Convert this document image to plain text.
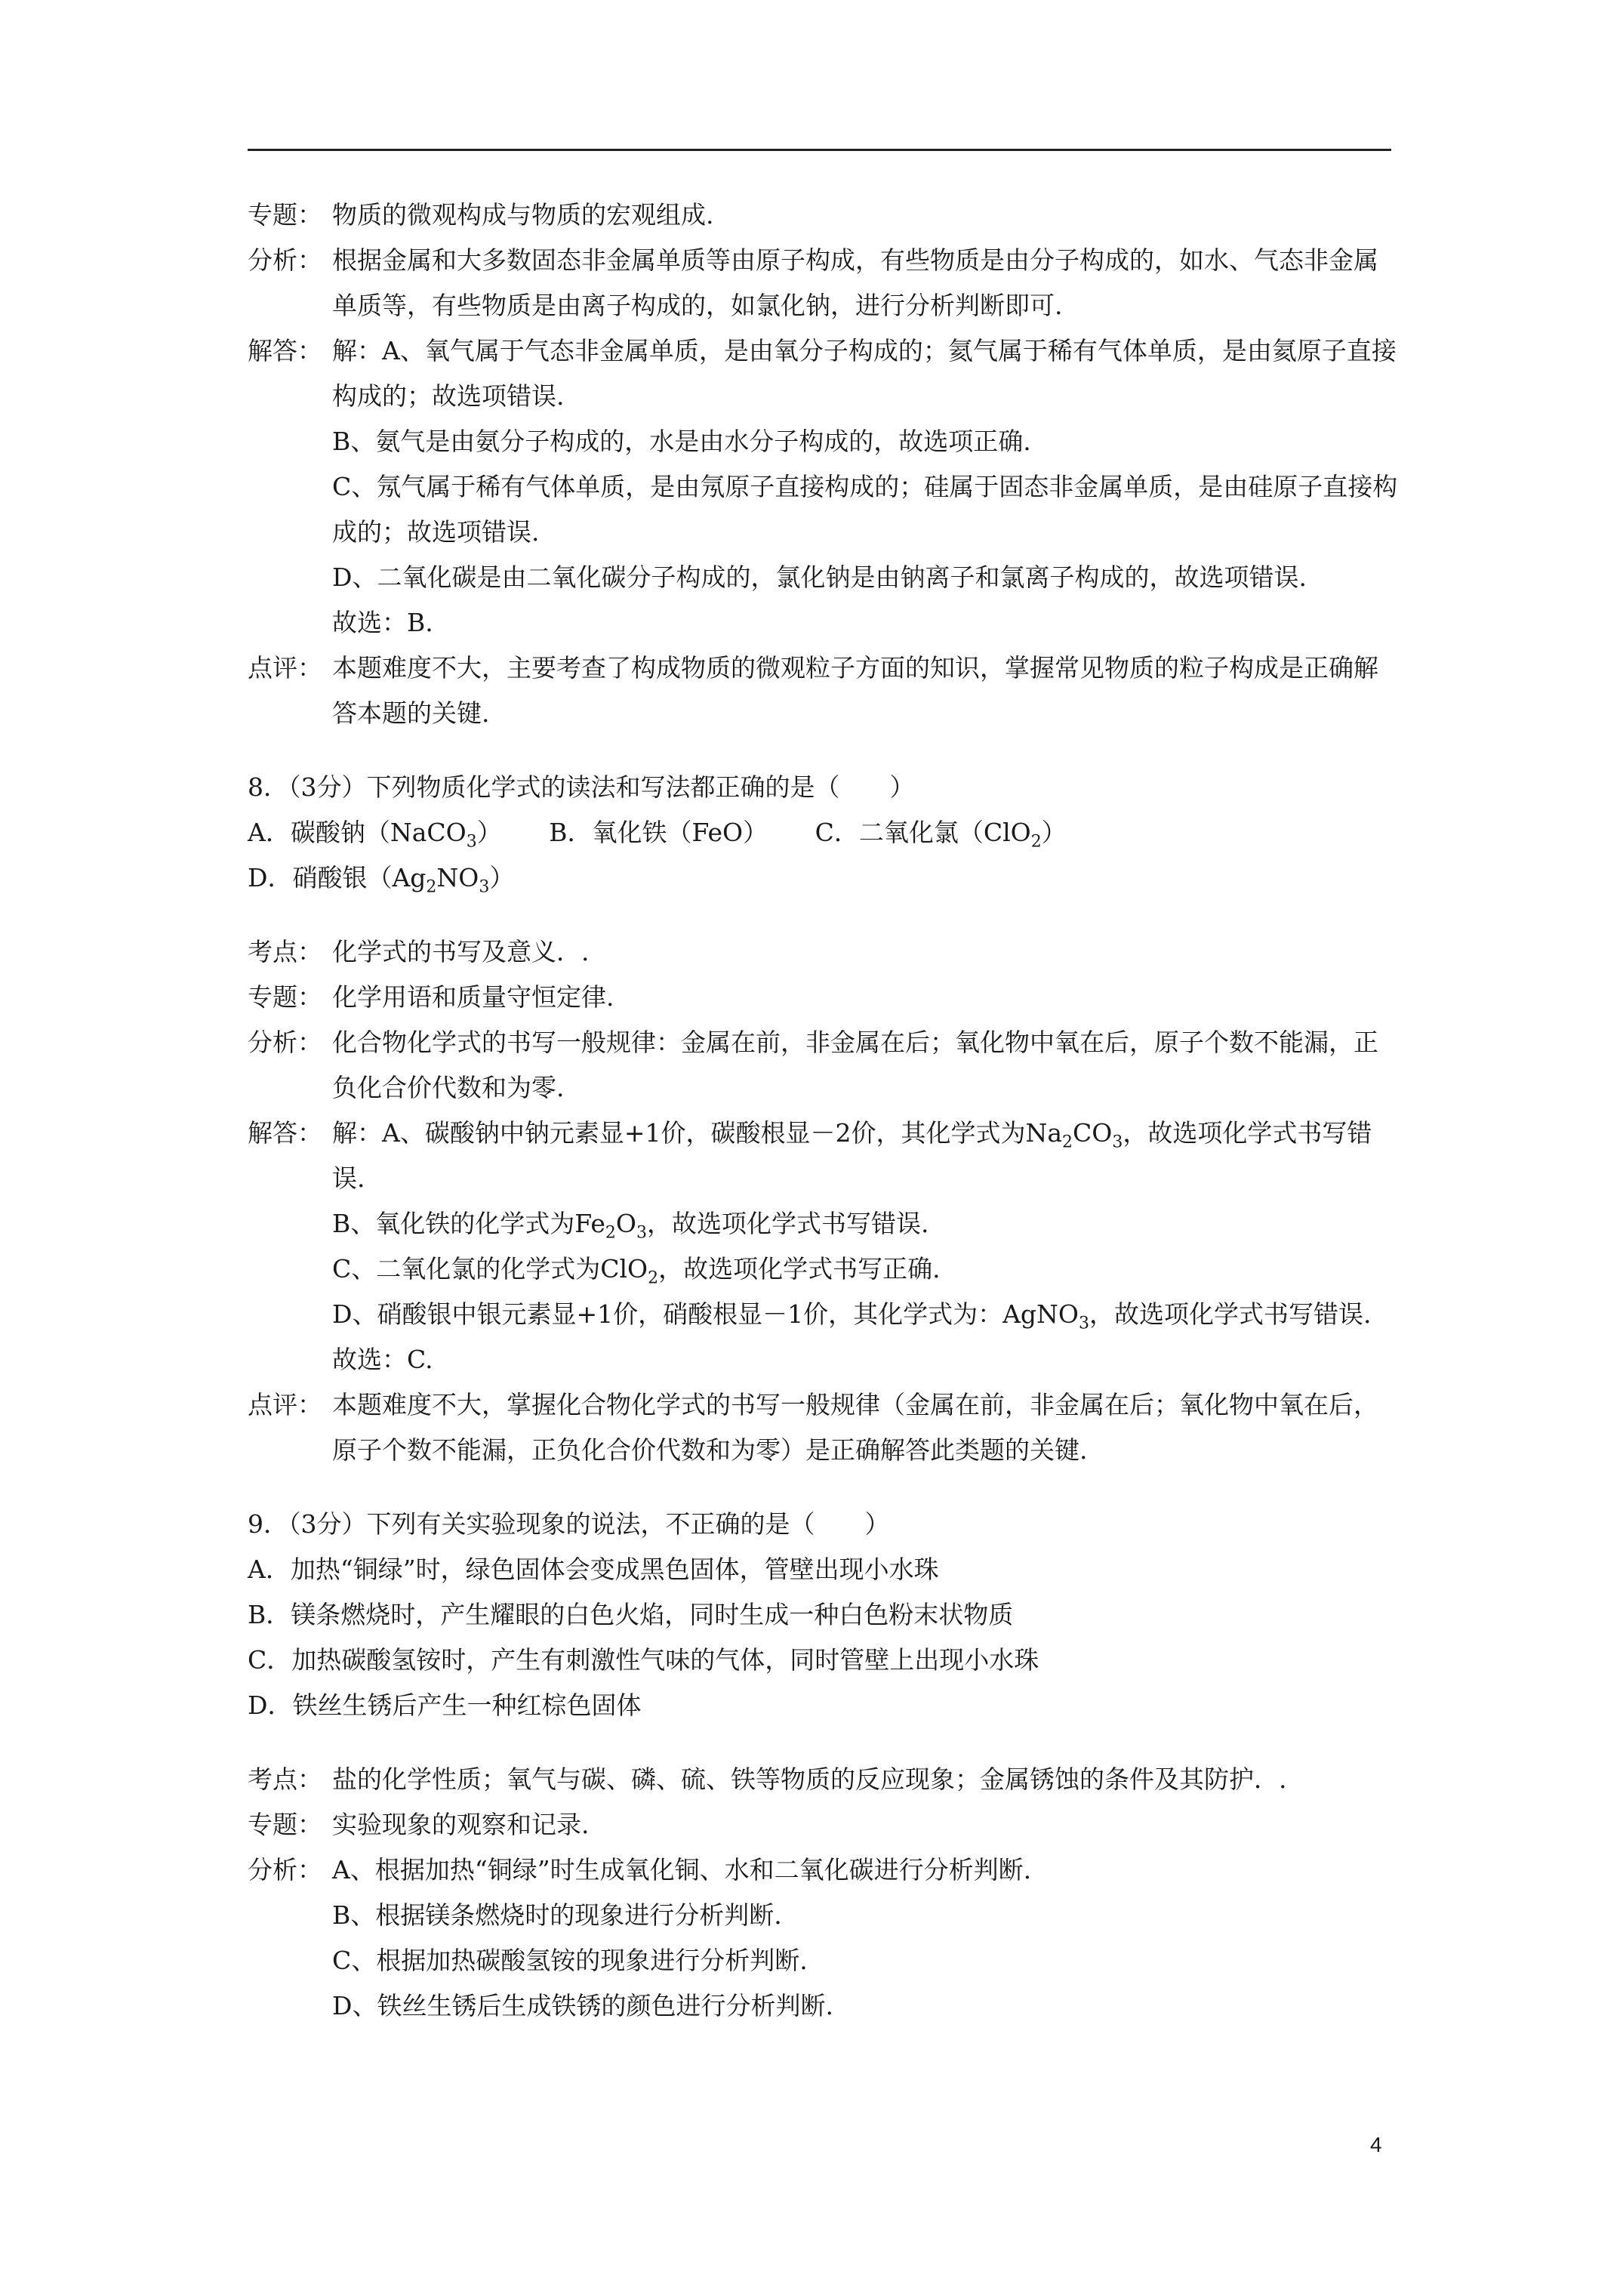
专题： 物质的微观构成与物质的宏观组成.

分析： 根据金属和大多数固态非金属单质等由原子构成，有些物质是由分子构成的，如水、气态非金属单质等，有些物质是由离子构成的，如氯化钠，进行分析判断即可.

解答： 解：A、氧气属于气态非金属单质，是由氧分子构成的；氦气属于稀有气体单质，是由氦原子直接构成的；故选项错误.

B、氨气是由氨分子构成的，水是由水分子构成的，故选项正确.

C、氖气属于稀有气体单质，是由氖原子直接构成的；硅属于固态非金属单质，是由硅原子直接构成的；故选项错误.

D、二氧化碳是由二氧化碳分子构成的，氯化钠是由钠离子和氯离子构成的，故选项错误.

故选：B.

点评： 本题难度不大，主要考查了构成物质的微观粒子方面的知识，掌握常见物质的粒子构成是正确解答本题的关键.

8．（3分）下列物质化学式的读法和写法都正确的是（　　）

A．碳酸钠（NaCO$_3$） B．氧化铁（FeO） C．二氧化氯（ClO$_2$） D．硝酸银$(Ag_2NO_3)$

考点： 化学式的书写及意义．.

专题： 化学用语和质量守恒定律.

分析： 化合物化学式的书写一般规律：金属在前，非金属在后；氧化物中氧在后，原子个数不能漏，正负化合价代数和为零.

解答： 解：A、碳酸钠中钠元素显+1价，碳酸根显－2价，其化学式为$Na_2CO_3$，故选项化学式书写错误.

B、氧化铁的化学式为$Fe_2O_3$，故选项化学式书写错误.

C、二氧化氯的化学式为ClO$_2$，故选项化学式书写正确.

D、硝酸银中银元素显+1价，硝酸根显－1价，其化学式为：AgNO$_3$，故选项化学式书写错误.

故选：C.

点评： 本题难度不大，掌握化合物化学式的书写一般规律（金属在前，非金属在后；氧化物中氧在后，原子个数不能漏，正负化合价代数和为零）是正确解答此类题的关键.

9．（3分）下列有关实验现象的说法，不正确的是（　　）

A．加热“铜绿”时，绿色固体会变成黑色固体，管壁出现小水珠

B．镁条燃烧时，产生耀眼的白色火焰，同时生成一种白色粉末状物质

C．加热碳酸氢铵时，产生有刺激性气味的气体，同时管壁上出现小水珠

D．铁丝生锈后产生一种红棕色固体

考点： 盐的化学性质；氧气与碳、磷、硫、铁等物质的反应现象；金属锈蚀的条件及其防护．.

专题： 实验现象的观察和记录.

分析： A、根据加热“铜绿”时生成氧化铜、水和二氧化碳进行分析判断.

B、根据镁条燃烧时的现象进行分析判断.

C、根据加热碳酸氢铵的现象进行分析判断.

D、铁丝生锈后生成铁锈的颜色进行分析判断.

4
